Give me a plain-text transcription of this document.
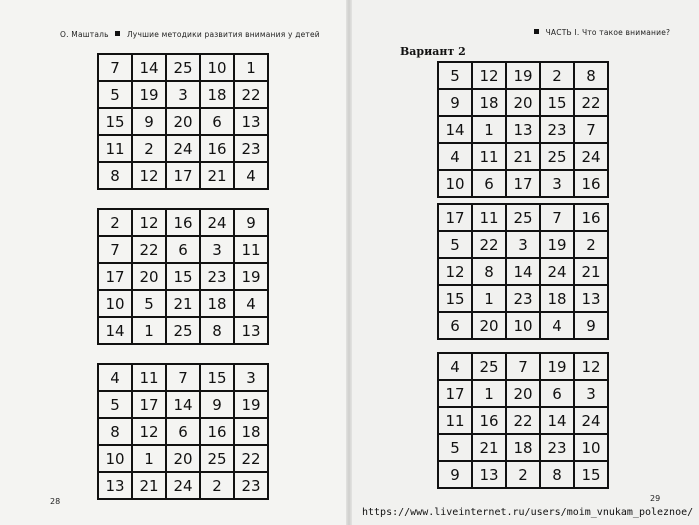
О. Мaштaль Лучшие методики развития внимания у детей	ЧАСТЬ I. Что такое внимание?
Вариант 2
7	14 25 10	1
5	19	3	18 22
15	9	20	6	13
11	2	24 16 23
8	12 17 21	4
2	12 16 24	9
7	22	6	3	11
17 20 15 23 19
10	5	21 18	4
14	1	25	8	13
4	11	7	15	3
5	17 14	9	19
8	12	6	16 18
10	1	20 25 22
13 21 24	2	23
5	12 19	2	8
9	18 20 15 22
14	1	13 23	7
4	11 21 25 24
10	6	17	3	16
17 11 25	7	16
5	22	3	19	2
12	8	14 24 21
15	1	23 18 13
6	20 10	4	9
4	25	7	19 12
17	1	20	6	3
11 16 22 14 24
5	21 18 23 10
9	13	2	8	15
28	29
https://www.liveinternet.ru/users/moim_vnukam_poleznoe/
